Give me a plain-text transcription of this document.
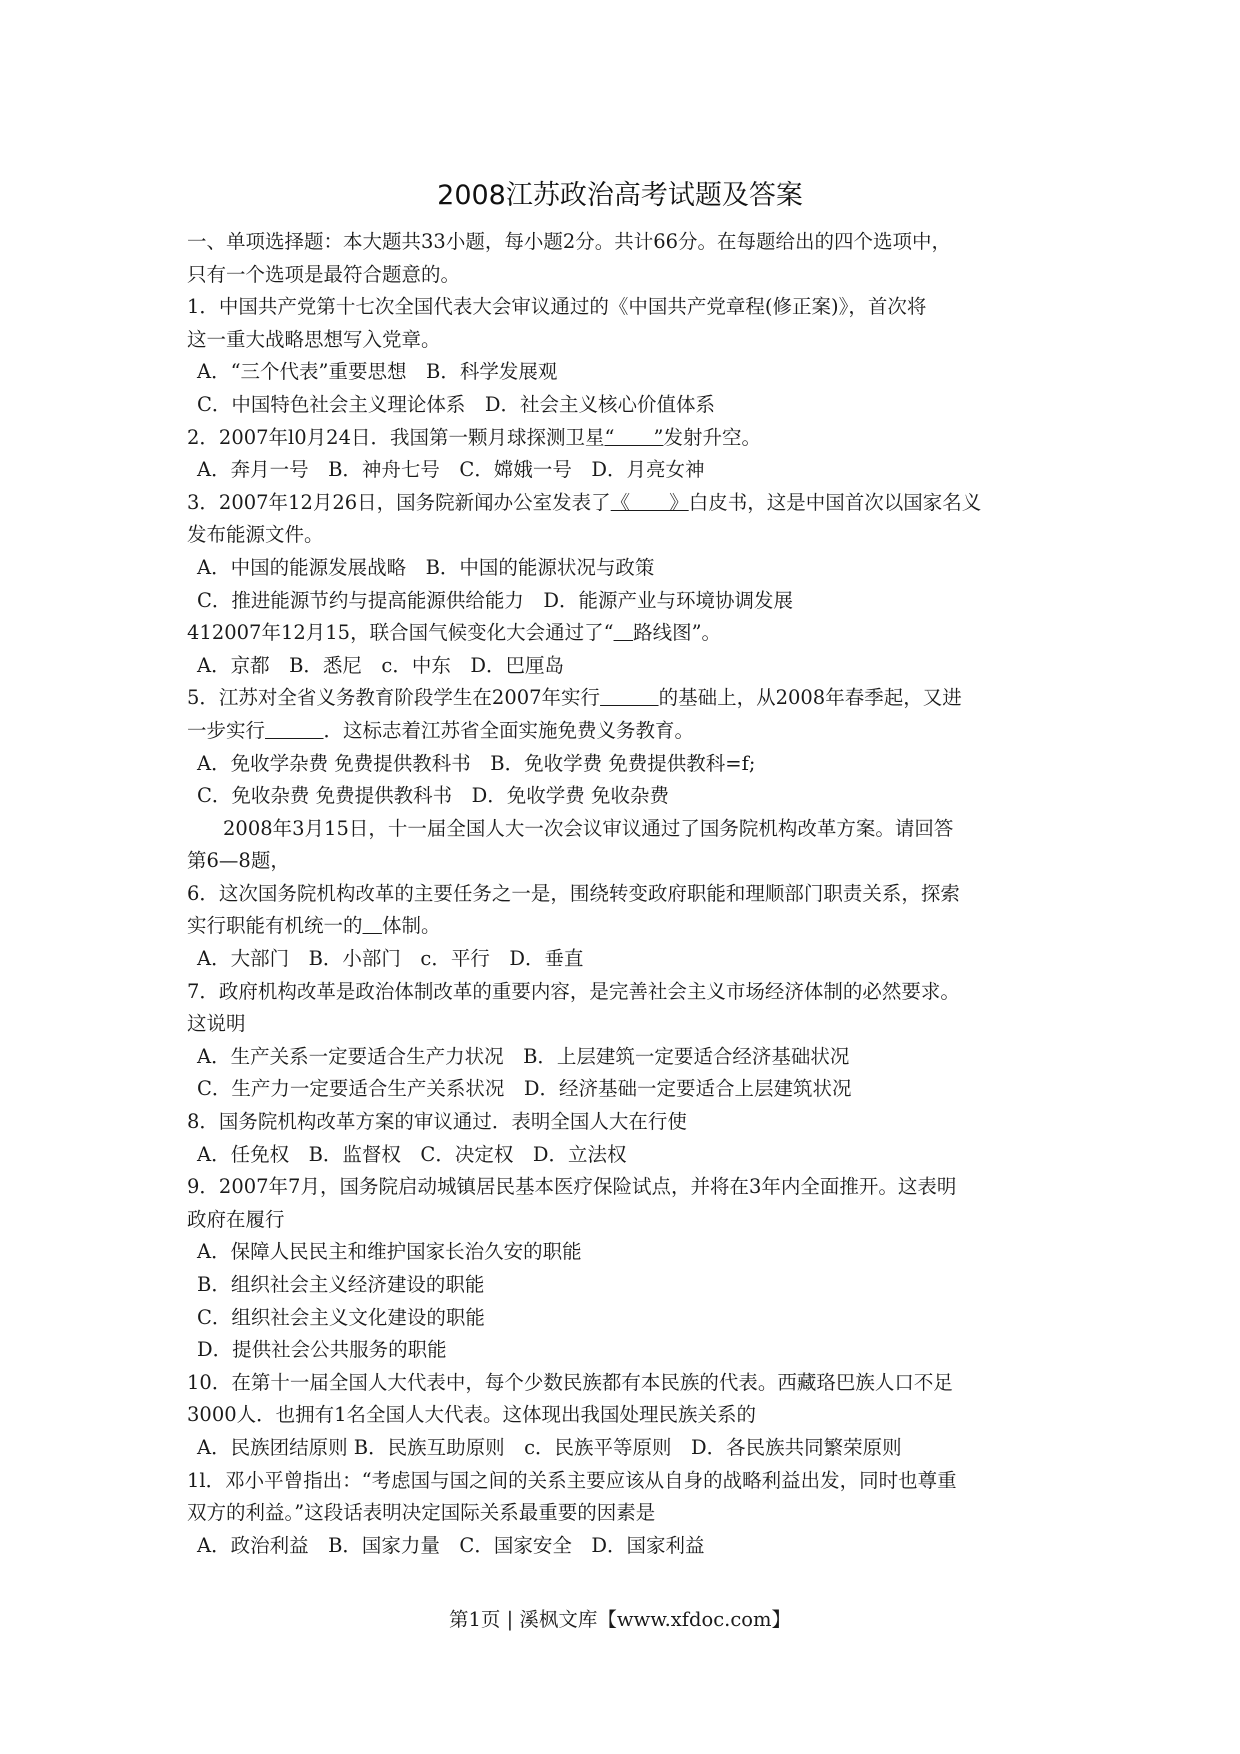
2008江苏政治高考试题及答案
一、单项选择题：本大题共33小题，每小题2分。共计66分。在每题给出的四个选项中，
只有一个选项是最符合题意的。
1．中国共产党第十七次全国代表大会审议通过的《中国共产党章程(修正案)》，首次将
这一重大战略思想写入党章。
A．“三个代表”重要思想　B．科学发展观
C．中国特色社会主义理论体系　D．社会主义核心价值体系
2．2007年l0月24日．我国第一颗月球探测卫星“　　”发射升空。
A．奔月一号　B．神舟七号　C．嫦娥一号　D．月亮女神
3．2007年12月26日，国务院新闻办公室发表了《　　》白皮书，这是中国首次以国家名义
发布能源文件。
A．中国的能源发展战略　B．中国的能源状况与政策
C．推进能源节约与提高能源供给能力　D．能源产业与环境协调发展
412007年12月15，联合国气候变化大会通过了“　 路线图”。
A．京都　B．悉尼　c．中东　D．巴厘岛
5．江苏对全省义务教育阶段学生在2007年实行　　　	的基础上，从2008年春季起，又进
一步实行　　　	．这标志着江苏省全面实施免费义务教育。
A．免收学杂费 免费提供教科书　B．免收学费 免费提供教科=f;
C．免收杂费 免费提供教科书　D．免收学费 免收杂费
2008年3月15日，十一届全国人大一次会议审议通过了国务院机构改革方案。请回答
第6—8题，
6．这次国务院机构改革的主要任务之一是，围绕转变政府职能和理顺部门职责关系，探索
实行职能有机统一的　 体制。
A．大部门　B．小部门　c．平行　D．垂直
7．政府机构改革是政治体制改革的重要内容，是完善社会主义市场经济体制的必然要求。
这说明
A．生产关系一定要适合生产力状况　B．上层建筑一定要适合经济基础状况
C．生产力一定要适合生产关系状况　D．经济基础一定要适合上层建筑状况
8．国务院机构改革方案的审议通过．表明全国人大在行使
A．任免权　B．监督权　C．决定权　D．立法权
9．2007年7月，国务院启动城镇居民基本医疗保险试点，并将在3年内全面推开。这表明
政府在履行
A．保障人民民主和维护国家长治久安的职能
B．组织社会主义经济建设的职能
C．组织社会主义文化建设的职能
D．提供社会公共服务的职能
10．在第十一届全国人大代表中，每个少数民族都有本民族的代表。西藏珞巴族人口不足
3000人．也拥有1名全国人大代表。这体现出我国处理民族关系的
A．民族团结原则 B．民族互助原则　c．民族平等原则　D．各民族共同繁荣原则
1l．邓小平曾指出：“考虑国与国之间的关系主要应该从自身的战略利益出发，同时也尊重
双方的利益。”这段话表明决定国际关系最重要的因素是
A．政治利益　B．国家力量　C．国家安全　D．国家利益
第1页 | 溪枫文库【www.xfdoc.com】
